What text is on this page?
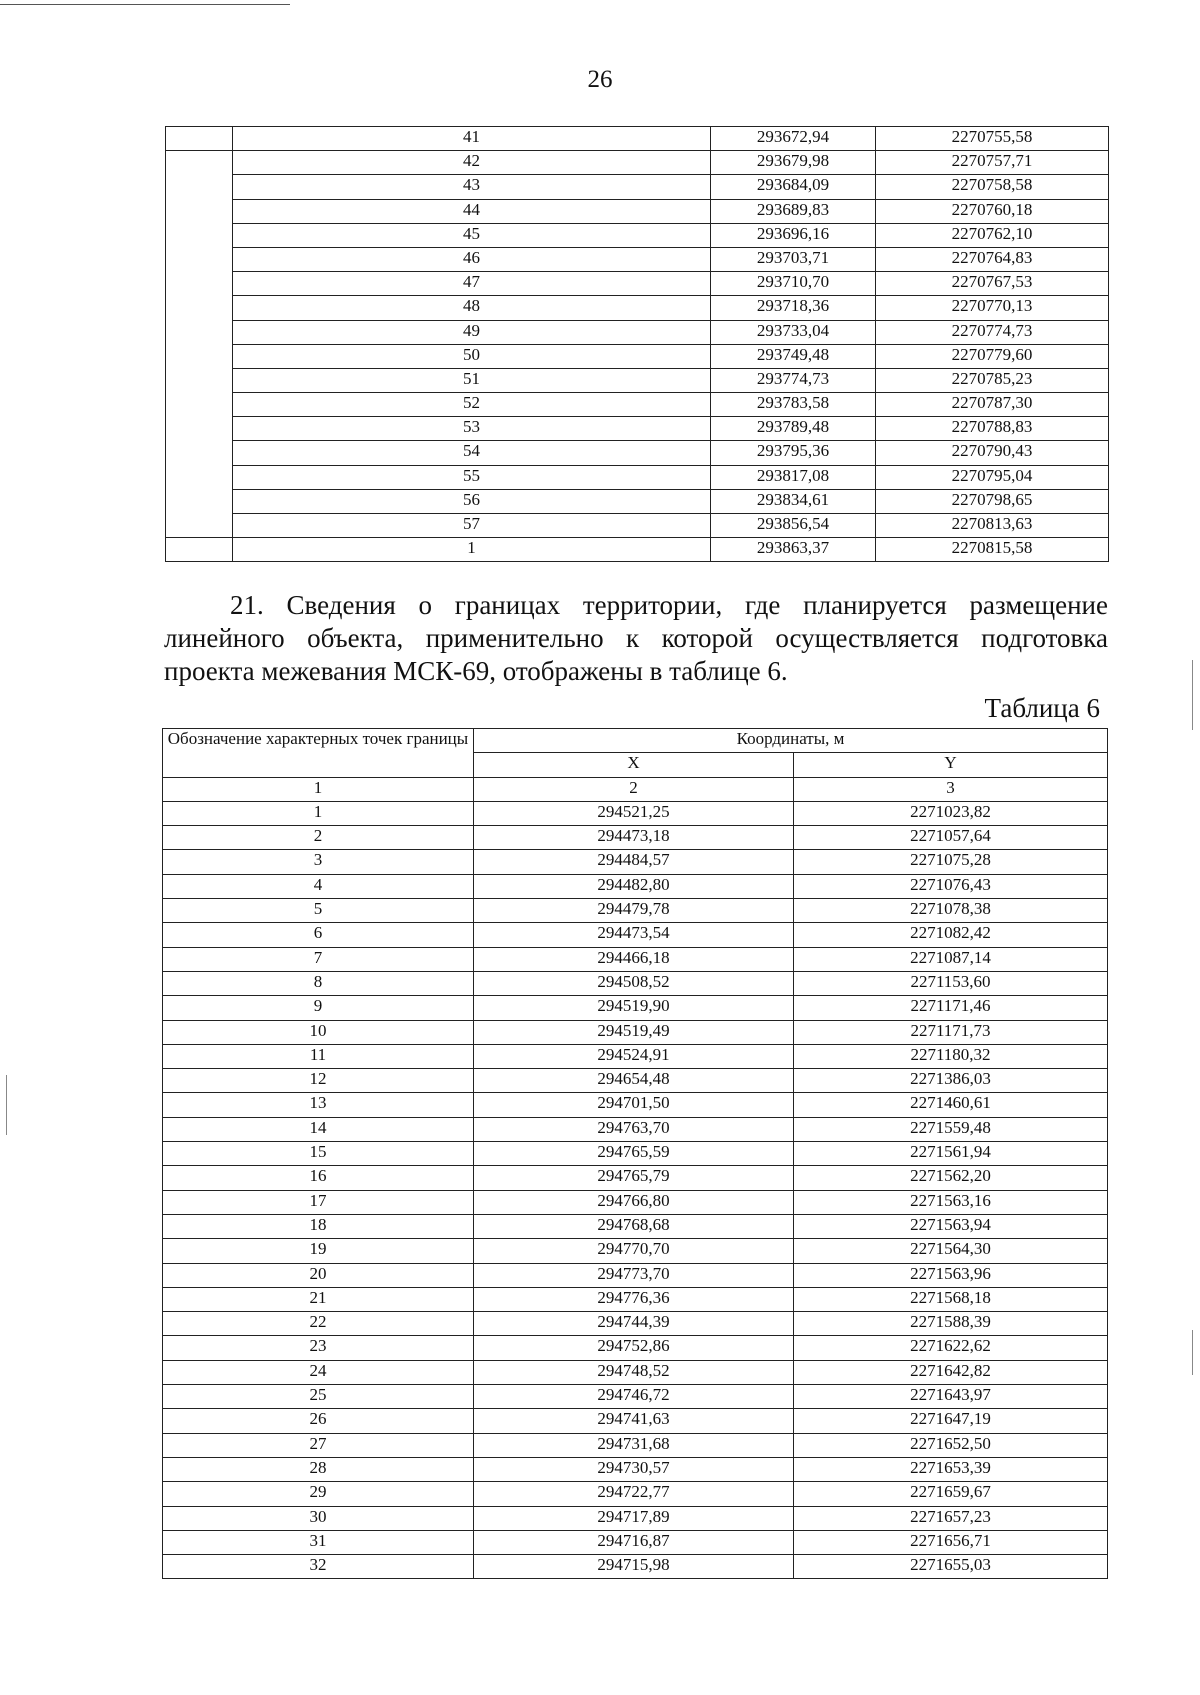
26
	41	293672,94	2270755,58
	42	293679,98	2270757,71
	43	293684,09	2270758,58
	44	293689,83	2270760,18
	45	293696,16	2270762,10
	46	293703,71	2270764,83
	47	293710,70	2270767,53
	48	293718,36	2270770,13
	49	293733,04	2270774,73
	50	293749,48	2270779,60
	51	293774,73	2270785,23
	52	293783,58	2270787,30
	53	293789,48	2270788,83
	54	293795,36	2270790,43
	55	293817,08	2270795,04
	56	293834,61	2270798,65
	57	293856,54	2270813,63
	1	293863,37	2270815,58
21. Сведения о границах территории, где планируется размещение линейного объекта, применительно к которой осуществляется подготовка проекта межевания МСК-69, отображены в таблице 6.
Таблица 6
Обозначение характерных точек границы	Координаты, м	
	X	Y
1	2	3
1	294521,25	2271023,82
2	294473,18	2271057,64
3	294484,57	2271075,28
4	294482,80	2271076,43
5	294479,78	2271078,38
6	294473,54	2271082,42
7	294466,18	2271087,14
8	294508,52	2271153,60
9	294519,90	2271171,46
10	294519,49	2271171,73
11	294524,91	2271180,32
12	294654,48	2271386,03
13	294701,50	2271460,61
14	294763,70	2271559,48
15	294765,59	2271561,94
16	294765,79	2271562,20
17	294766,80	2271563,16
18	294768,68	2271563,94
19	294770,70	2271564,30
20	294773,70	2271563,96
21	294776,36	2271568,18
22	294744,39	2271588,39
23	294752,86	2271622,62
24	294748,52	2271642,82
25	294746,72	2271643,97
26	294741,63	2271647,19
27	294731,68	2271652,50
28	294730,57	2271653,39
29	294722,77	2271659,67
30	294717,89	2271657,23
31	294716,87	2271656,71
32	294715,98	2271655,03
